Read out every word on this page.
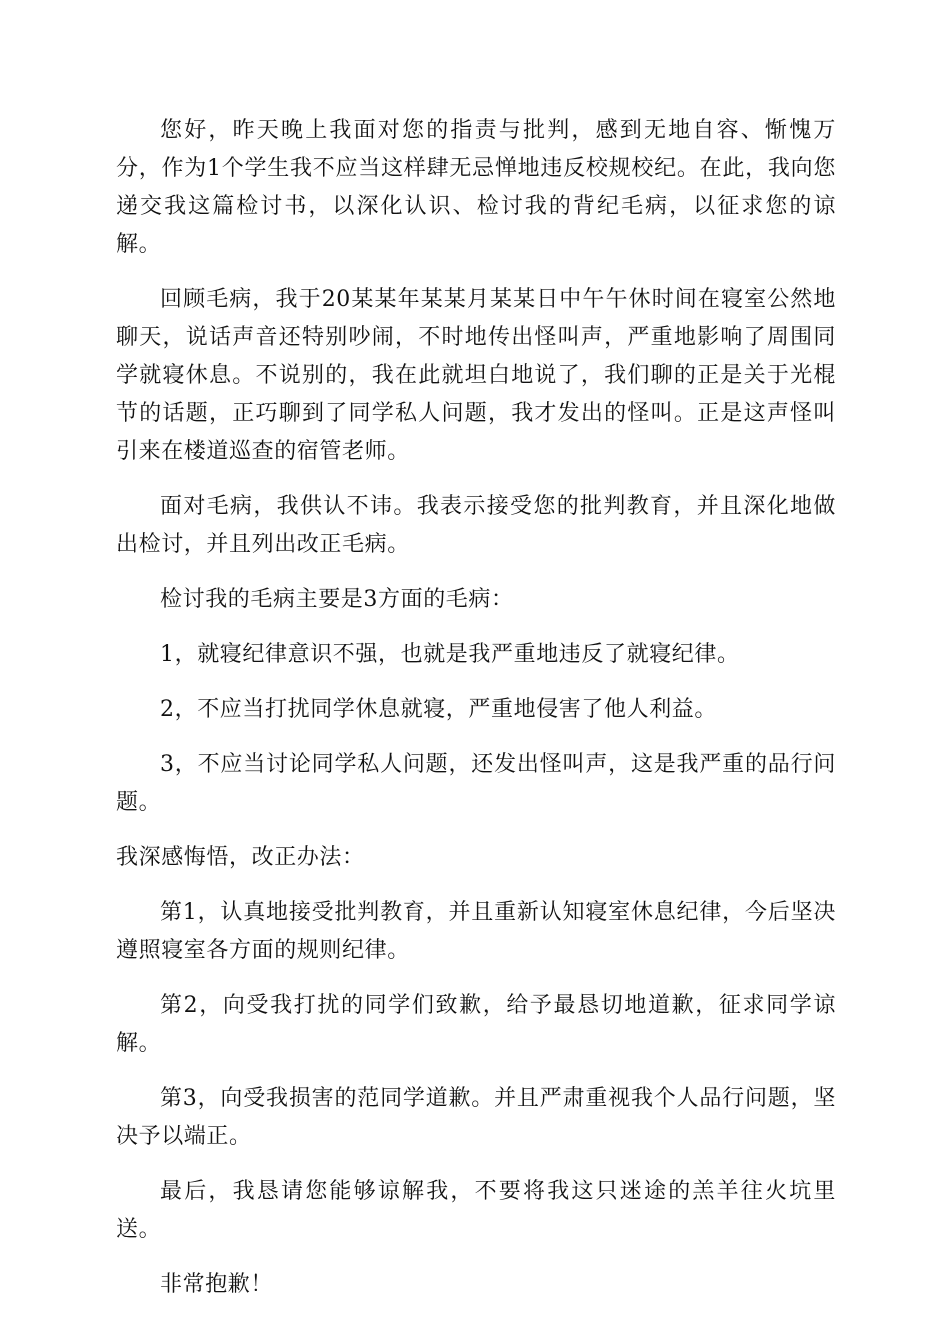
您好，昨天晚上我面对您的指责与批判，感到无地自容、惭愧万分，作为1个学生我不应当这样肆无忌惮地违反校规校纪。在此，我向您递交我这篇检讨书，以深化认识、检讨我的背纪毛病，以征求您的谅解。

回顾毛病，我于20某某年某某月某某日中午午休时间在寝室公然地聊天，说话声音还特别吵闹，不时地传出怪叫声，严重地影响了周围同学就寝休息。不说别的，我在此就坦白地说了，我们聊的正是关于光棍节的话题，正巧聊到了同学私人问题，我才发出的怪叫。正是这声怪叫引来在楼道巡查的宿管老师。

面对毛病，我供认不讳。我表示接受您的批判教育，并且深化地做出检讨，并且列出改正毛病。

检讨我的毛病主要是3方面的毛病：

1，就寝纪律意识不强，也就是我严重地违反了就寝纪律。

2，不应当打扰同学休息就寝，严重地侵害了他人利益。

3，不应当讨论同学私人问题，还发出怪叫声，这是我严重的品行问题。

我深感悔悟，改正办法：

第1，认真地接受批判教育，并且重新认知寝室休息纪律，今后坚决遵照寝室各方面的规则纪律。

第2，向受我打扰的同学们致歉，给予最恳切地道歉，征求同学谅解。

第3，向受我损害的范同学道歉。并且严肃重视我个人品行问题，坚决予以端正。

最后，我恳请您能够谅解我，不要将我这只迷途的羔羊往火坑里送。

非常抱歉！
